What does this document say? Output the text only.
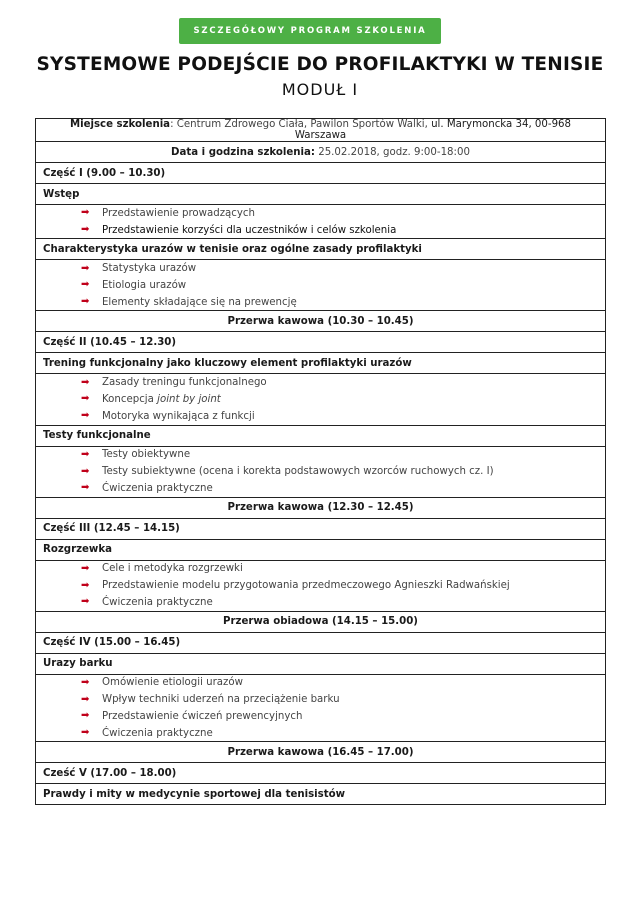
SZCZEGÓŁOWY PROGRAM SZKOLENIA
SYSTEMOWE PODEJŚCIE DO PROFILAKTYKI W TENISIE
MODUŁ I
Miejsce szkolenia: Centrum Zdrowego Ciała, Pawilon Sportów Walki, ul. Marymoncka 34, 00-968 Warszawa
Data i godzina szkolenia: 25.02.2018, godz. 9:00-18:00
Część I (9.00 – 10.30)
Wstęp

➡	Przedstawienie prowadzących
➡	Przedstawienie korzyści dla uczestników i celów szkolenia

Charakterystyka urazów w tenisie oraz ogólne zasady profilaktyki

➡	Statystyka urazów
➡	Etiologia urazów
➡	Elementy składające się na prewencję

Przerwa kawowa (10.30 – 10.45)
Część II (10.45 – 12.30)
Trening funkcjonalny jako kluczowy element profilaktyki urazów

➡	Zasady treningu funkcjonalnego
➡	Koncepcja
joint by joint
➡	Motoryka wynikająca z funkcji

Testy funkcjonalne

➡	Testy obiektywne
➡	Testy subiektywne (ocena i korekta podstawowych wzorców ruchowych cz. I)
➡	Ćwiczenia praktyczne

Przerwa kawowa (12.30 – 12.45)
Część III (12.45 – 14.15)
Rozgrzewka

➡	Cele i metodyka rozgrzewki
➡	Przedstawienie modelu przygotowania przedmeczowego Agnieszki Radwańskiej
➡	Ćwiczenia praktyczne

Przerwa obiadowa (14.15 – 15.00)
Część IV (15.00 – 16.45)
Urazy barku

➡	Omówienie etiologii urazów
➡	Wpływ techniki uderzeń na przeciążenie barku
➡	Przedstawienie ćwiczeń prewencyjnych
➡	Ćwiczenia praktyczne

Przerwa kawowa (16.45 – 17.00)
Cześć V (17.00 – 18.00)
Prawdy i mity w medycynie sportowej dla tenisistów
